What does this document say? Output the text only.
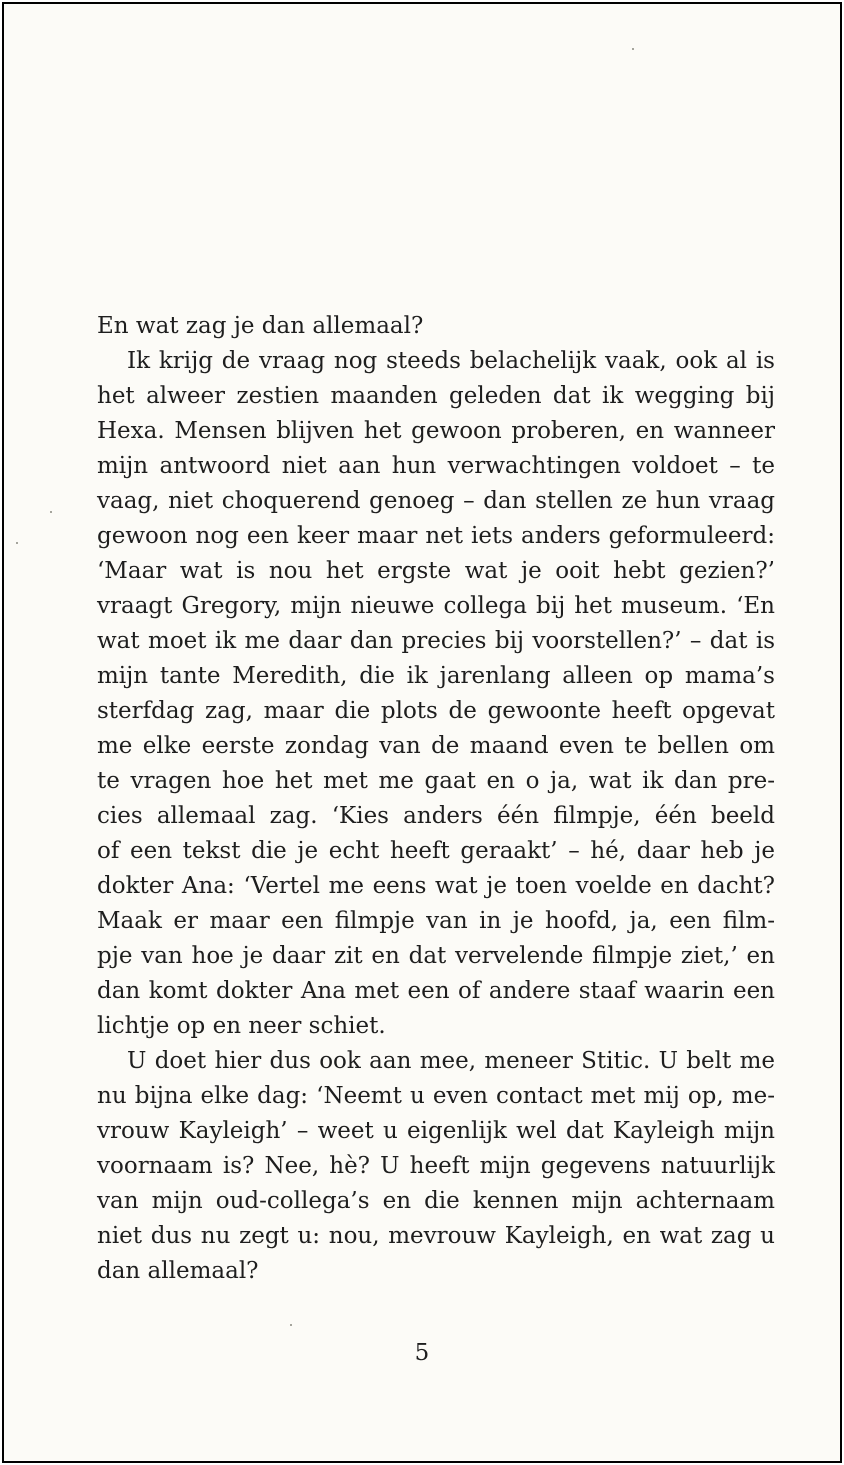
En wat zag je dan allemaal?
Ik krijg de vraag nog steeds belachelijk vaak, ook al is
het alweer zestien maanden geleden dat ik wegging bij
Hexa. Mensen blijven het gewoon proberen, en wanneer
mijn antwoord niet aan hun verwachtingen voldoet – te
vaag, niet choquerend genoeg – dan stellen ze hun vraag
gewoon nog een keer maar net iets anders geformuleerd:
‘Maar wat is nou het ergste wat je ooit hebt gezien?’
vraagt Gregory, mijn nieuwe collega bij het museum. ‘En
wat moet ik me daar dan precies bij voorstellen?’ – dat is
mijn tante Meredith, die ik jarenlang alleen op mama’s
sterfdag zag, maar die plots de gewoonte heeft opgevat
me elke eerste zondag van de maand even te bellen om
te vragen hoe het met me gaat en o ja, wat ik dan pre-
cies allemaal zag. ‘Kies anders één filmpje, één beeld
of een tekst die je echt heeft geraakt’ – hé, daar heb je
dokter Ana: ‘Vertel me eens wat je toen voelde en dacht?
Maak er maar een filmpje van in je hoofd, ja, een film-
pje van hoe je daar zit en dat vervelende filmpje ziet,’ en
dan komt dokter Ana met een of andere staaf waarin een
lichtje op en neer schiet.
U doet hier dus ook aan mee, meneer Stitic. U belt me
nu bijna elke dag: ‘Neemt u even contact met mij op, me-
vrouw Kayleigh’ – weet u eigenlijk wel dat Kayleigh mijn
voornaam is? Nee, hè? U heeft mijn gegevens natuurlijk
van mijn oud-collega’s en die kennen mijn achternaam
niet dus nu zegt u: nou, mevrouw Kayleigh, en wat zag u
dan allemaal?
5
